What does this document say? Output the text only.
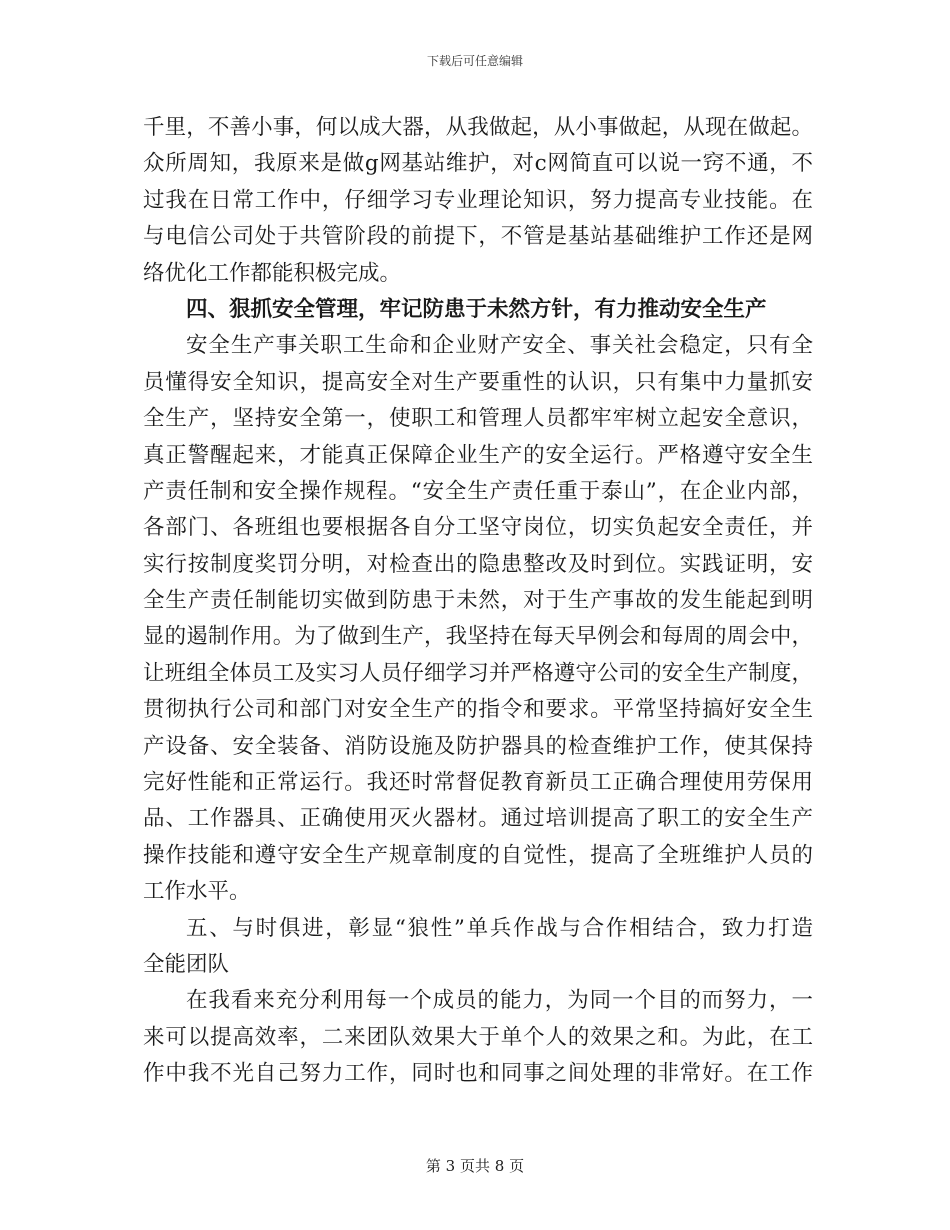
下载后可任意编辑
千里，不善小事，何以成大器，从我做起，从小事做起，从现在做起。
众所周知，我原来是做g网基站维护，对c网简直可以说一窍不通，不
过我在日常工作中，仔细学习专业理论知识，努力提高专业技能。在
与电信公司处于共管阶段的前提下，不管是基站基础维护工作还是网
络优化工作都能积极完成。
四、狠抓安全管理，牢记防患于未然方针，有力推动安全生产
安全生产事关职工生命和企业财产安全、事关社会稳定，只有全
员懂得安全知识，提高安全对生产要重性的认识，只有集中力量抓安
全生产，坚持安全第一，使职工和管理人员都牢牢树立起安全意识，
真正警醒起来，才能真正保障企业生产的安全运行。严格遵守安全生
产责任制和安全操作规程。“安全生产责任重于泰山”，在企业内部，
各部门、各班组也要根据各自分工坚守岗位，切实负起安全责任，并
实行按制度奖罚分明，对检查出的隐患整改及时到位。实践证明，安
全生产责任制能切实做到防患于未然，对于生产事故的发生能起到明
显的遏制作用。为了做到生产，我坚持在每天早例会和每周的周会中，
让班组全体员工及实习人员仔细学习并严格遵守公司的安全生产制度，
贯彻执行公司和部门对安全生产的指令和要求。平常坚持搞好安全生
产设备、安全装备、消防设施及防护器具的检查维护工作，使其保持
完好性能和正常运行。我还时常督促教育新员工正确合理使用劳保用
品、工作器具、正确使用灭火器材。通过培训提高了职工的安全生产
操作技能和遵守安全生产规章制度的自觉性，提高了全班维护人员的
工作水平。
五、与时俱进，彰显“狼性”单兵作战与合作相结合，致力打造
全能团队
在我看来充分利用每一个成员的能力，为同一个目的而努力，一
来可以提高效率，二来团队效果大于单个人的效果之和。为此，在工
作中我不光自己努力工作，同时也和同事之间处理的非常好。在工作
第 3 页共 8 页
